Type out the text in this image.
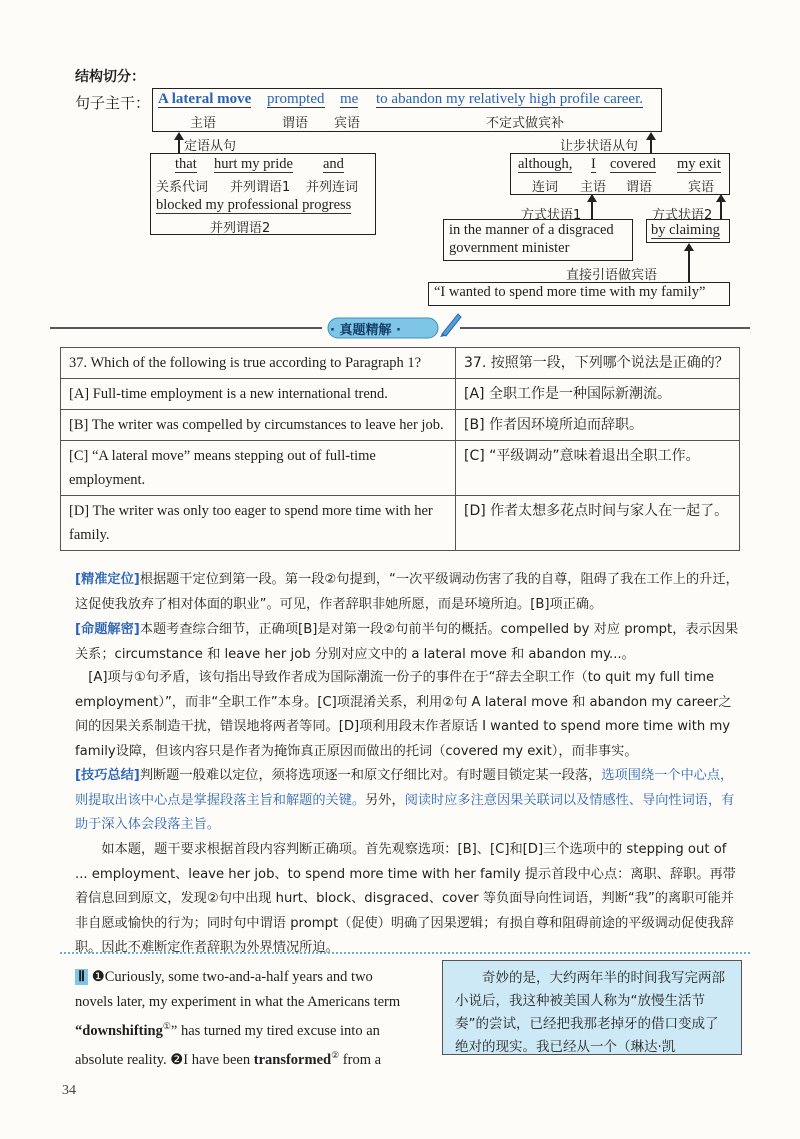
结构切分：
句子主干： A lateral move prompted me to abandon my relatively high profile career.
主语	谓语 宾语	不定式做宾补
定语从句
that hurt my pride and
关系代词 并列谓语1 并列连词
blocked my professional progress
并列谓语2
让步状语从句
although, I covered my exit
连词 主语 谓语	宾语
方式状语1	方式状语2
in the manner of a disgraced
government minister
by claiming
直接引语做宾语
“I wanted to spend more time with my family”
· 真题精解 ·
37. Which of the following is true according to Paragraph 1?	37. 按照第一段，下列哪个说法是正确的？
[A] Full-time employment is a new international trend.	[A] 全职工作是一种国际新潮流。
[B] The writer was compelled by circumstances to leave her job.	[B] 作者因环境所迫而辞职。
[C] “A lateral move” means stepping out of full-time employment.	[C] “平级调动”意味着退出全职工作。
[D] The writer was only too eager to spend more time with her family.	[D] 作者太想多花点时间与家人在一起了。
[精准定位]根据题干定位到第一段。第一段②句提到，“一次平级调动伤害了我的自尊，阻碍了我在工作上的升迁，这促使我放弃了相对体面的职业”。可见，作者辞职非她所愿，而是环境所迫。[B]项正确。
[命题解密]本题考查综合细节，正确项[B]是对第一段②句前半句的概括。compelled by 对应 prompt，表示因果关系；circumstance 和 leave her job 分别对应文中的 a lateral move 和 abandon my...。
[A]项与①句矛盾，该句指出导致作者成为国际潮流一份子的事件在于“辞去全职工作（to quit my full time employment）”，而非“全职工作”本身。[C]项混淆关系，利用②句 A lateral move 和 abandon my career之间的因果关系制造干扰，错误地将两者等同。[D]项利用段末作者原话 I wanted to spend more time with my family设障，但该内容只是作者为掩饰真正原因而做出的托词（covered my exit），而非事实。
[技巧总结]判断题一般难以定位，须将选项逐一和原文仔细比对。有时题目锁定某一段落，选项围绕一个中心点，则提取出该中心点是掌握段落主旨和解题的关键。另外，阅读时应多注意因果关联词以及情感性、导向性词语，有助于深入体会段落主旨。
如本题，题干要求根据首段内容判断正确项。首先观察选项：[B]、[C]和[D]三个选项中的 stepping out of ... employment、leave her job、to spend more time with her family 提示首段中心点：离职、辞职。再带着信息回到原文，发现②句中出现 hurt、block、disgraced、cover 等负面导向性词语，判断“我”的离职可能并非自愿或愉快的行为；同时句中谓语 prompt（促使）明确了因果逻辑；有损自尊和阻碍前途的平级调动促使我辞职。因此不难断定作者辞职为外界情况所迫。
Ⅱ ❶Curiously, some two-and-a-half years and two
novels later, my experiment in what the Americans term
“downshifting①” has turned my tired excuse into an
absolute reality. ❷I have been transformed② from a
奇妙的是，大约两年半的时间我写完两部小说后，我这种被美国人称为“放慢生活节奏”的尝试，已经把我那老掉牙的借口变成了绝对的现实。我已经从一个（琳达·凯
34
